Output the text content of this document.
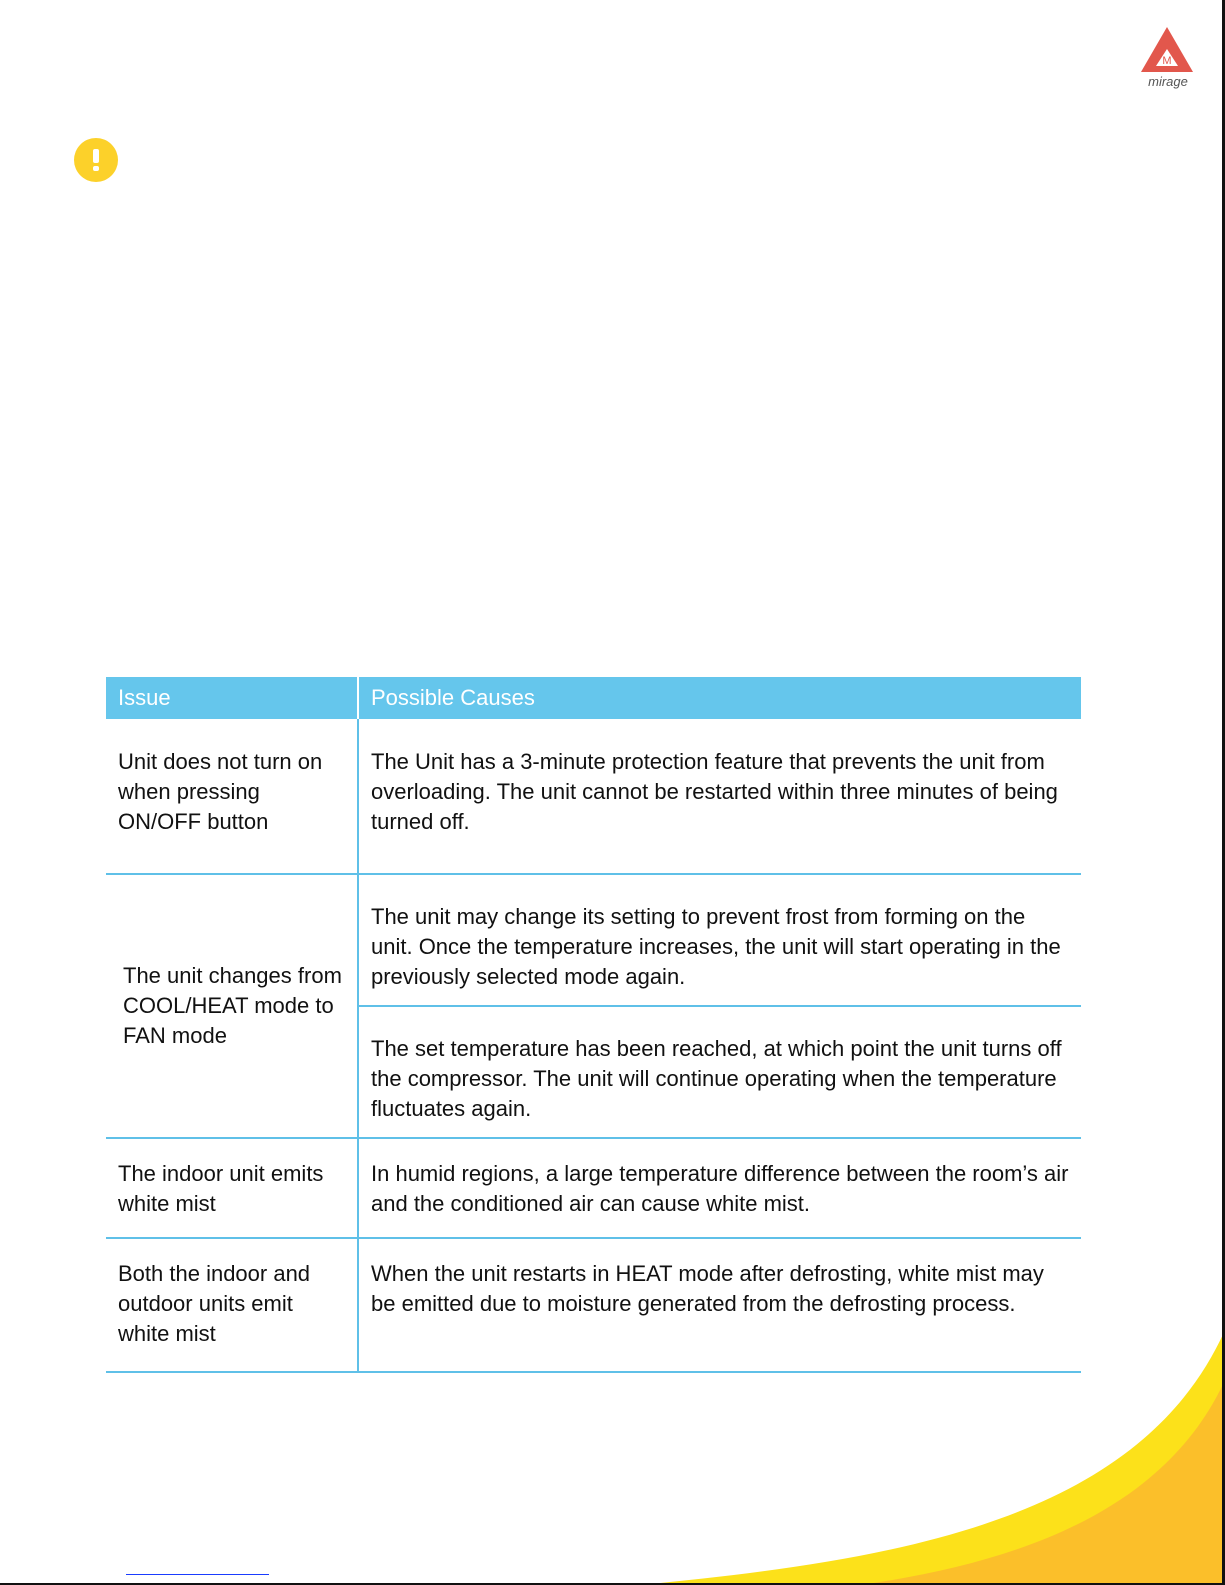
M
mirage
Issue	Possible Causes

Unit does not turn on when pressing ON/OFF button	The Unit has a 3-minute protection feature that prevents the unit from overloading. The unit cannot be restarted within three minutes of being turned off.

The unit changes from COOL/HEAT mode to FAN mode	The unit may change its setting to prevent frost from forming on the unit. Once the temperature increases, the unit will start operating in the previously selected mode again.

	The set temperature has been reached, at which point the unit turns off the compressor. The unit will continue operating when the temperature fluctuates again.

The indoor unit emits white mist	In humid regions, a large temperature difference between the room’s air and the conditioned air can cause white mist.

Both the indoor and outdoor units emit white mist	When the unit restarts in HEAT mode after defrosting, white mist may be emitted due to moisture generated from the defrosting process.
